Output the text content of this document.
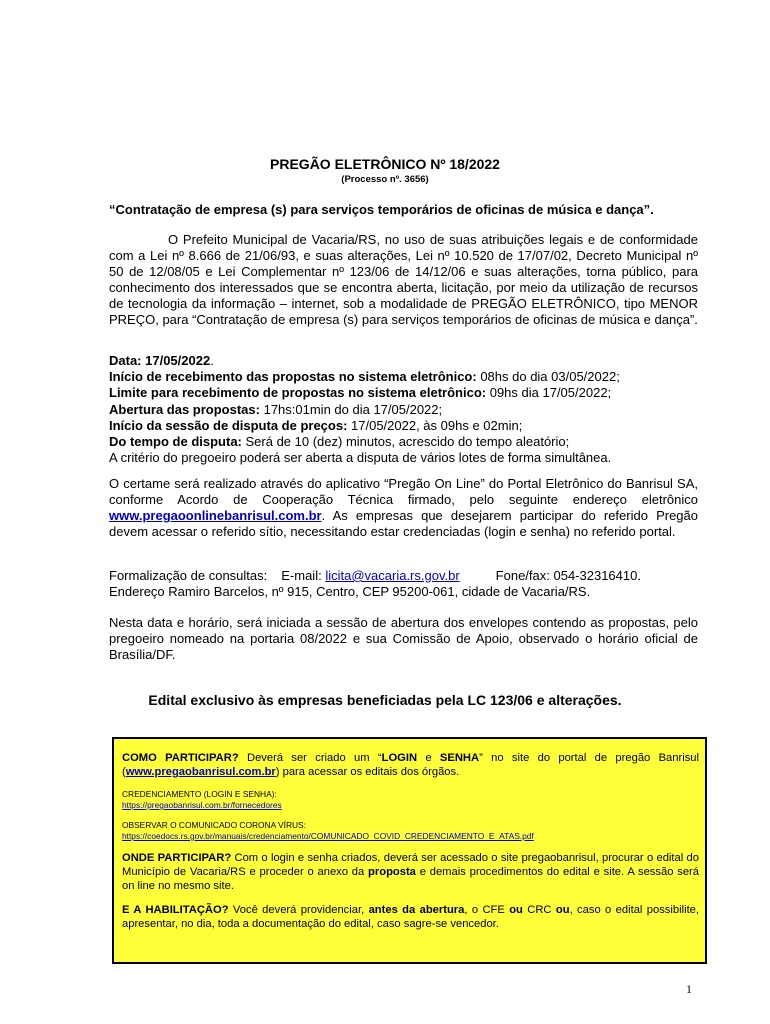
PREGÃO ELETRÔNICO Nº 18/2022
(Processo nº. 3656)
“Contratação de empresa (s) para serviços temporários de oficinas de música e dança”.
O Prefeito Municipal de Vacaria/RS, no uso de suas atribuições legais e de conformidade com a Lei nº 8.666 de 21/06/93, e suas alterações, Lei nº 10.520 de 17/07/02, Decreto Municipal nº 50 de 12/08/05 e Lei Complementar nº 123/06 de 14/12/06 e suas alterações, torna público, para conhecimento dos interessados que se encontra aberta, licitação, por meio da utilização de recursos de tecnologia da informação – internet, sob a modalidade de PREGÃO ELETRÔNICO, tipo MENOR PREÇO, para “Contratação de empresa (s) para serviços temporários de oficinas de música e dança”.
Data: 17/05/2022.
Início de recebimento das propostas no sistema eletrônico: 08hs do dia 03/05/2022;
Limite para recebimento de propostas no sistema eletrônico: 09hs dia 17/05/2022;
Abertura das propostas: 17hs:01min do dia 17/05/2022;
Início da sessão de disputa de preços: 17/05/2022, às 09hs e 02min;
Do tempo de disputa: Será de 10 (dez) minutos, acrescido do tempo aleatório;
A critério do pregoeiro poderá ser aberta a disputa de vários lotes de forma simultânea.
O certame será realizado através do aplicativo “Pregão On Line” do Portal Eletrônico do Banrisul SA, conforme Acordo de Cooperação Técnica firmado, pelo seguinte endereço eletrônico www.pregaoonlinebanrisul.com.br. As empresas que desejarem participar do referido Pregão devem acessar o referido sítio, necessitando estar credenciadas (login e senha) no referido portal.
Formalização de consultas: E-mail: licita@vacaria.rs.gov.br	Fone/fax: 054-32316410.
Endereço Ramiro Barcelos, nº 915, Centro, CEP 95200-061, cidade de Vacaria/RS.
Nesta data e horário, será iniciada a sessão de abertura dos envelopes contendo as propostas, pelo pregoeiro nomeado na portaria 08/2022 e sua Comissão de Apoio, observado o horário oficial de Brasília/DF.
Edital exclusivo às empresas beneficiadas pela LC 123/06 e alterações.

COMO PARTICIPAR? Deverá ser criado um “LOGIN e SENHA” no site do portal de pregão Banrisul (www.pregaobanrisul.com.br) para acessar os editais dos órgãos.

CREDENCIAMENTO (LOGIN E SENHA):
https://pregaobanrisul.com.br/fornecedores
OBSERVAR O COMUNICADO CORONA VÍRUS:
https://coedocs.rs.gov.br/manuais/credenciamento/COMUNICADO_COVID_CREDENCIAMENTO_E_ATAS.pdf

ONDE PARTICIPAR? Com o login e senha criados, deverá ser acessado o site pregaobanrisul, procurar o edital do Município de Vacaria/RS e proceder o anexo da proposta e demais procedimentos do edital e site. A sessão será on line no mesmo site.

E A HABILITAÇÃO? Você deverá providenciar, antes da abertura, o CFE ou CRC ou, caso o edital possibilite, apresentar, no dia, toda a documentação do edital, caso sagre-se vencedor.

1
